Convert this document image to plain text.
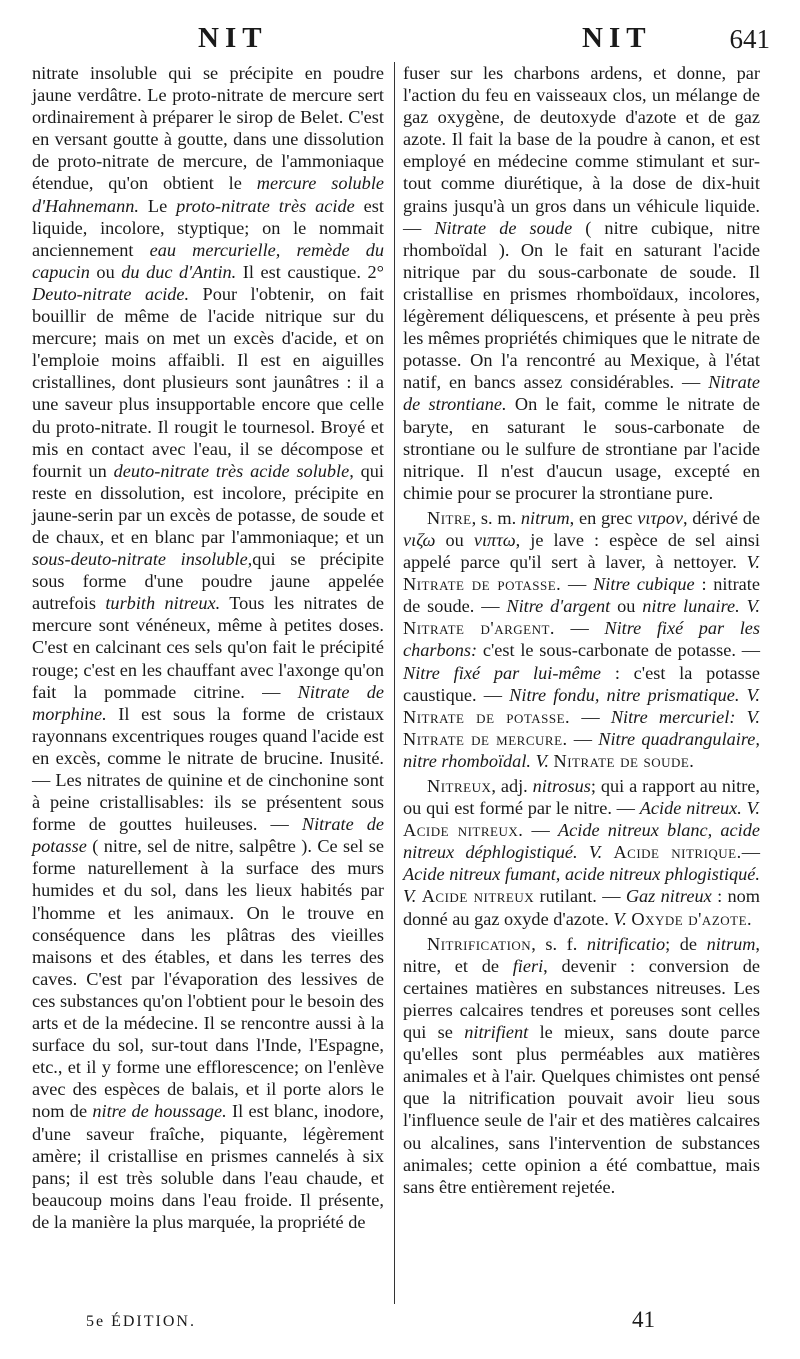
NIT	NIT	641

nitrate insoluble qui se précipite en poudre jaune verdâtre. Le proto-nitrate de mercure sert ordinairement à préparer le sirop de Belet. C'est en versant goutte à goutte, dans une dissolution de proto-nitrate de mercure, de l'ammoniaque étendue, qu'on obtient le mercure soluble d'Hahnemann. Le proto-nitrate très acide est liquide, incolore, styptique; on le nommait anciennement eau mercurielle, remède du capucin ou du duc d'Antin. Il est caustique. 2° Deuto-nitrate acide. Pour l'obtenir, on fait bouillir de même de l'acide nitrique sur du mercure; mais on met un excès d'acide, et on l'emploie moins affaibli. Il est en aiguilles cristallines, dont plusieurs sont jaunâtres : il a une saveur plus insupportable encore que celle du proto-nitrate. Il rougit le tournesol. Broyé et mis en contact avec l'eau, il se décompose et fournit un deuto-nitrate très acide soluble, qui reste en dissolution, est incolore, précipite en jaune-serin par un excès de potasse, de soude et de chaux, et en blanc par l'ammoniaque; et un sous-deuto-nitrate insoluble,qui se précipite sous forme d'une poudre jaune appelée autrefois turbith nitreux. Tous les nitrates de mercure sont vénéneux, même à petites doses. C'est en calcinant ces sels qu'on fait le précipité rouge; c'est en les chauffant avec l'axonge qu'on fait la pommade citrine. — Nitrate de morphine. Il est sous la forme de cristaux rayonnans excentriques rouges quand l'acide est en excès, comme le nitrate de brucine. Inusité. — Les nitrates de quinine et de cinchonine sont à peine cristallisables: ils se présentent sous forme de gouttes huileuses. — Nitrate de potasse ( nitre, sel de nitre, salpêtre ). Ce sel se forme naturellement à la surface des murs humides et du sol, dans les lieux habités par l'homme et les animaux. On le trouve en conséquence dans les plâtras des vieilles maisons et des étables, et dans les terres des caves. C'est par l'évaporation des lessives de ces substances qu'on l'obtient pour le besoin des arts et de la médecine. Il se rencontre aussi à la surface du sol, sur-tout dans l'Inde, l'Espagne, etc., et il y forme une efflorescence; on l'enlève avec des espèces de balais, et il porte alors le nom de nitre de houssage. Il est blanc, inodore, d'une saveur fraîche, piquante, légèrement amère; il cristallise en prismes cannelés à six pans; il est très soluble dans l'eau chaude, et beaucoup moins dans l'eau froide. Il présente, de la manière la plus marquée, la propriété de

fuser sur les charbons ardens, et donne, par l'action du feu en vaisseaux clos, un mélange de gaz oxygène, de deutoxyde d'azote et de gaz azote. Il fait la base de la poudre à canon, et est employé en médecine comme stimulant et sur-tout comme diurétique, à la dose de dix-huit grains jusqu'à un gros dans un véhicule liquide. — Nitrate de soude ( nitre cubique, nitre rhomboïdal ). On le fait en saturant l'acide nitrique par du sous-carbonate de soude. Il cristallise en prismes rhomboïdaux, incolores, légèrement déliquescens, et présente à peu près les mêmes propriétés chimiques que le nitrate de potasse. On l'a rencontré au Mexique, à l'état natif, en bancs assez considérables. — Nitrate de strontiane. On le fait, comme le nitrate de baryte, en saturant le sous-carbonate de strontiane ou le sulfure de strontiane par l'acide nitrique. Il n'est d'aucun usage, excepté en chimie pour se procurer la strontiane pure.

Nitre, s. m. nitrum, en grec νιτρον, dérivé de νιζω ou νιπτω, je lave : espèce de sel ainsi appelé parce qu'il sert à laver, à nettoyer. V. Nitrate de potasse. — Nitre cubique : nitrate de soude. — Nitre d'argent ou nitre lunaire. V. Nitrate d'argent. — Nitre fixé par les charbons: c'est le sous-carbonate de potasse. — Nitre fixé par lui-même : c'est la potasse caustique. — Nitre fondu, nitre prismatique. V. Nitrate de potasse. — Nitre mercuriel: V. Nitrate de mercure. — Nitre quadrangulaire, nitre rhomboïdal. V. Nitrate de soude.

Nitreux, adj. nitrosus; qui a rapport au nitre, ou qui est formé par le nitre. — Acide nitreux. V. Acide nitreux. — Acide nitreux blanc, acide nitreux déphlogistiqué. V. Acide nitrique.— Acide nitreux fumant, acide nitreux phlogistiqué. V. Acide nitreux rutilant. — Gaz nitreux : nom donné au gaz oxyde d'azote. V. Oxyde d'azote.

Nitrification, s. f. nitrificatio; de nitrum, nitre, et de fieri, devenir : conversion de certaines matières en substances nitreuses. Les pierres calcaires tendres et poreuses sont celles qui se nitrifient le mieux, sans doute parce qu'elles sont plus perméables aux matières animales et à l'air. Quelques chimistes ont pensé que la nitrification pouvait avoir lieu sous l'influence seule de l'air et des matières calcaires ou alcalines, sans l'intervention de substances animales; cette opinion a été combattue, mais sans être entièrement rejetée.

5e ÉDITION.	41
